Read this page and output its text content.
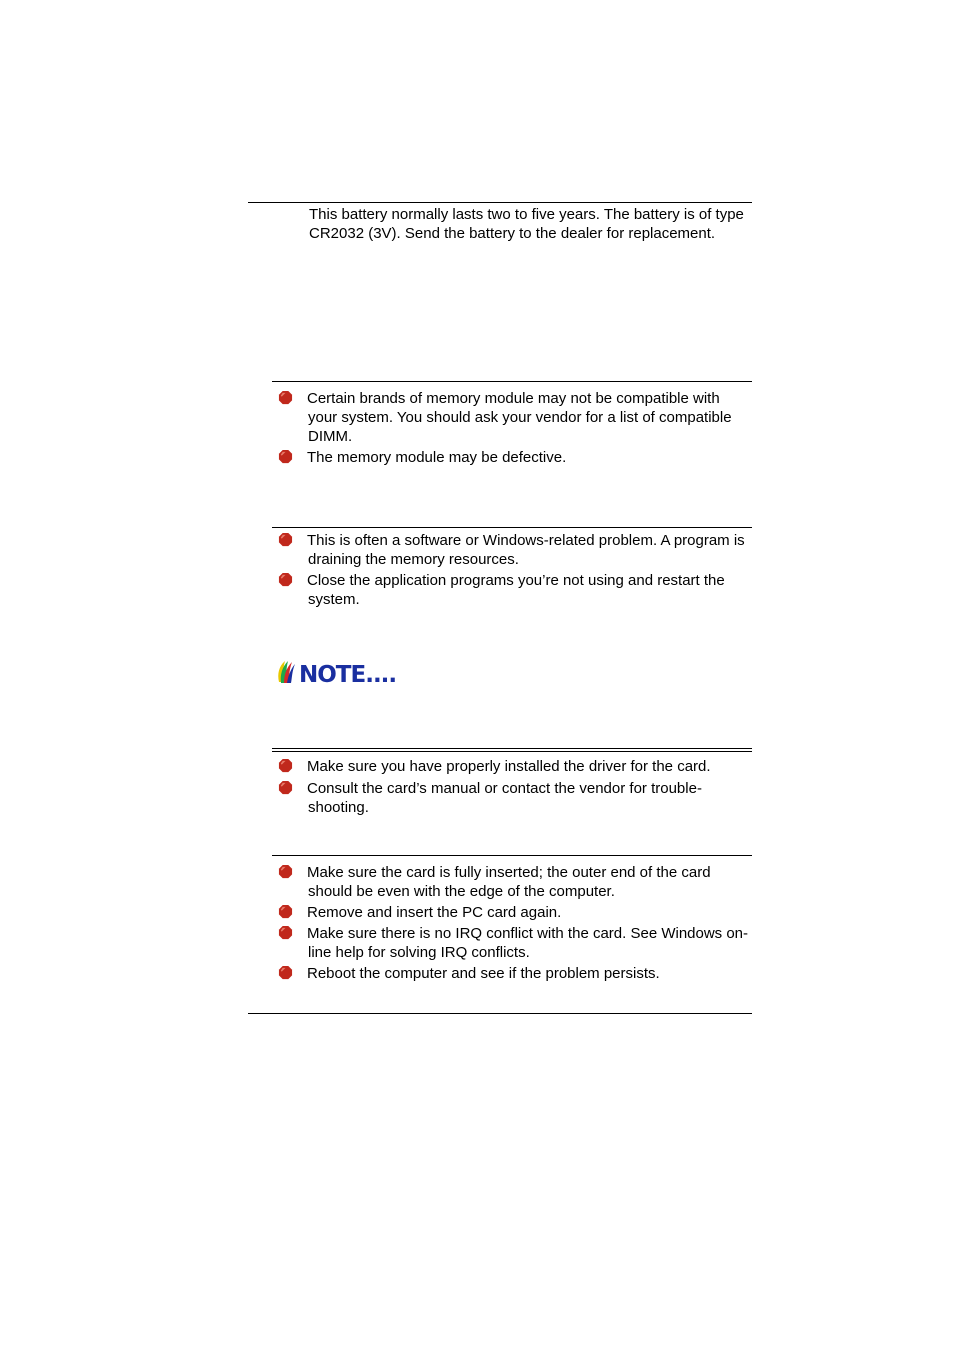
This battery normally lasts two to five years. The battery is of type CR2032 (3V). Send the battery to the dealer for replacement.
Certain brands of memory module may not be compatible with your system. You should ask your vendor for a list of compatible DIMM.
The memory module may be defective.
This is often a software or Windows-related problem. A program is draining the memory resources.
Close the application programs you’re not using and restart the system.
NOTE....
Make sure you have properly installed the driver for the card.
Consult the card’s manual or contact the vendor for trouble-shooting.
Make sure the card is fully inserted; the outer end of the card should be even with the edge of the computer.
Remove and insert the PC card again.
Make sure there is no IRQ conflict with the card. See Windows on-line help for solving IRQ conflicts.
Reboot the computer and see if the problem persists.
